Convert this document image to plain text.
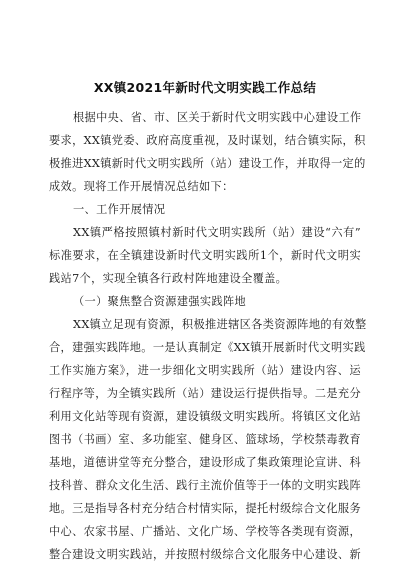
XX镇2021年新时代文明实践工作总结
根据中央、省、市、区关于新时代文明实践中心建设工作
要求，XX镇党委、政府高度重视，及时谋划，结合镇实际，积
极推进XX镇新时代文明实践所（站）建设工作，并取得一定的
成效。现将工作开展情况总结如下：
一、工作开展情况
XX镇严格按照镇村新时代文明实践所（站）建设“六有”
标准要求，在全镇建设新时代文明实践所1个，新时代文明实
践站7个，实现全镇各行政村阵地建设全覆盖。
（一）聚焦整合资源建强实践阵地
XX镇立足现有资源，积极推进辖区各类资源阵地的有效整
合，建强实践阵地。一是认真制定《XX镇开展新时代文明实践
工作实施方案》，进一步细化文明实践所（站）建设内容、运
行程序等，为全镇实践所（站）建设运行提供指导。二是充分
利用文化站等现有资源，建设镇级文明实践所。将镇区文化站
图书（书画）室、多功能室、健身区、篮球场，学校禁毒教育
基地，道德讲堂等充分整合，建设形成了集政策理论宣讲、科
技科普、群众文化生活、践行主流价值等于一体的文明实践阵
地。三是指导各村充分结合村情实际，提托村级综合文化服务
中心、农家书屋、广播站、文化广场、学校等各类现有资源，
整合建设文明实践站，并按照村级综合文化服务中心建设、新
